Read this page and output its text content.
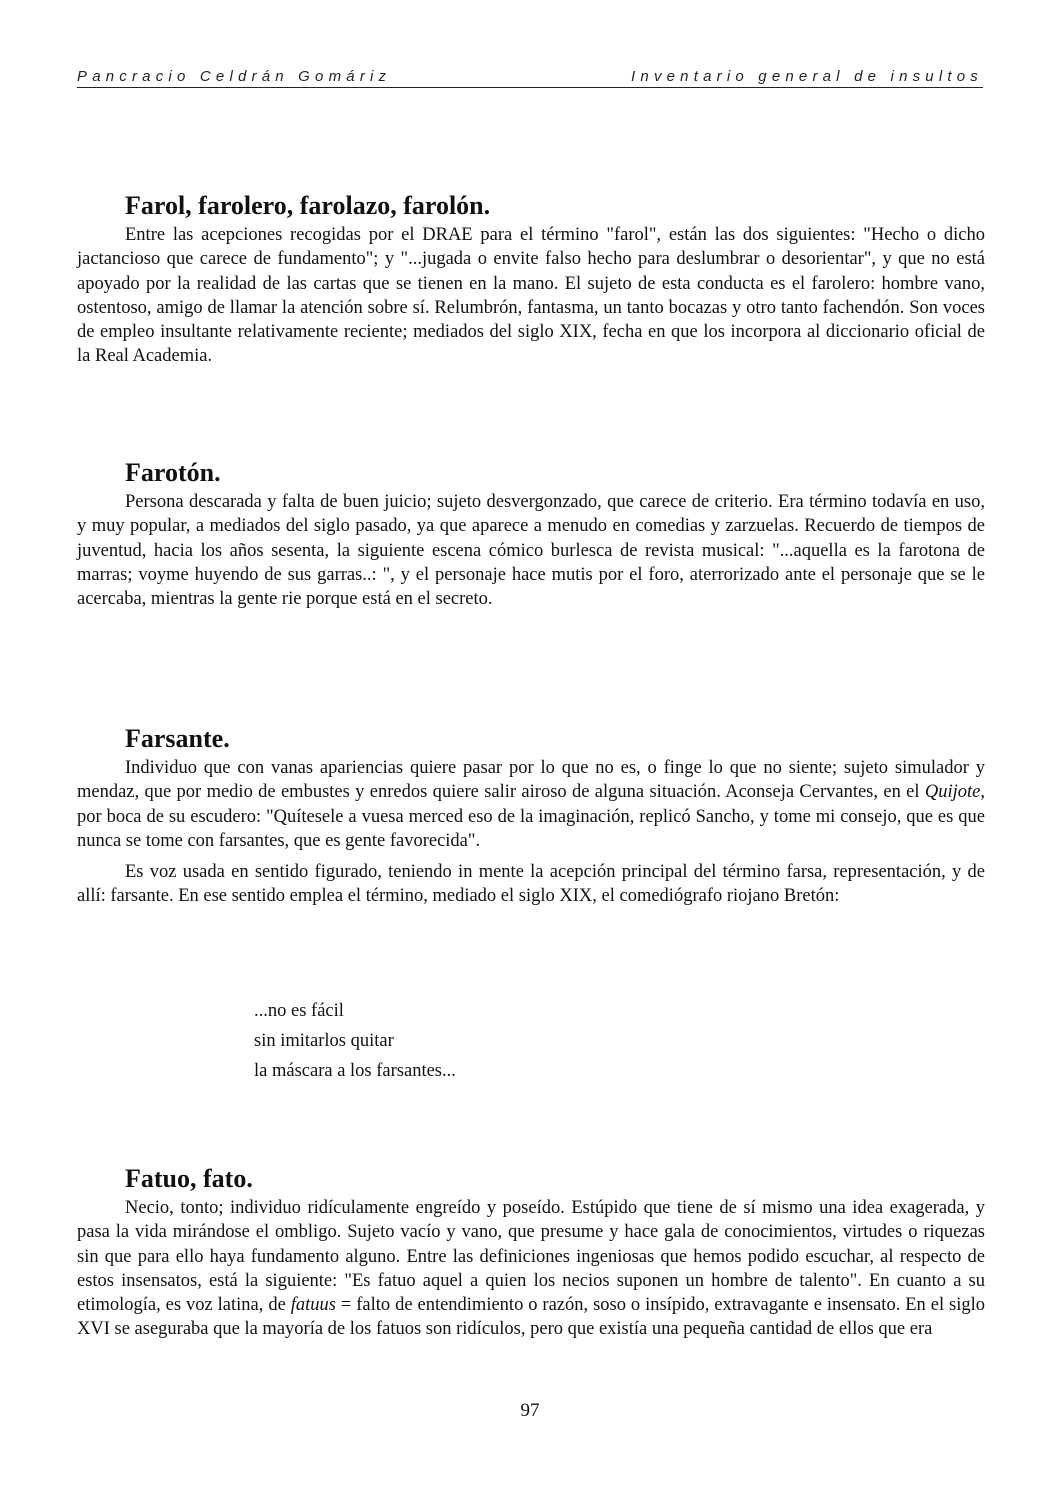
Pancracio Celdrán Gomáriz	Inventario general de insultos
Farol, farolero, farolazo, farolón.

Entre las acepciones recogidas por el DRAE para el término "farol", están las dos siguientes: "Hecho o dicho jactancioso que carece de fundamento"; y "...jugada o envite falso hecho para deslumbrar o desorientar", y que no está apoyado por la realidad de las cartas que se tienen en la mano. El sujeto de esta conducta es el farolero: hombre vano, ostentoso, amigo de llamar la atención sobre sí. Relumbrón, fantasma, un tanto bocazas y otro tanto fachendón. Son voces de empleo insultante relativamente reciente; mediados del siglo XIX, fecha en que los incorpora al diccionario oficial de la Real Academia.

Farotón.

Persona descarada y falta de buen juicio; sujeto desvergonzado, que carece de criterio. Era término todavía en uso, y muy popular, a mediados del siglo pasado, ya que aparece a menudo en comedias y zarzuelas. Recuerdo de tiempos de juventud, hacia los años sesenta, la siguiente escena cómico burlesca de revista musical: "...aquella es la farotona de marras; voyme huyendo de sus garras..: ", y el personaje hace mutis por el foro, aterrorizado ante el personaje que se le acercaba, mientras la gente rie porque está en el secreto.

Farsante.

Individuo que con vanas apariencias quiere pasar por lo que no es, o finge lo que no siente; sujeto simulador y mendaz, que por medio de embustes y enredos quiere salir airoso de alguna situación. Aconseja Cervantes, en el Quijote, por boca de su escudero: "Quítesele a vuesa merced eso de la imaginación, replicó Sancho, y tome mi consejo, que es que nunca se tome con farsantes, que es gente favorecida".

Es voz usada en sentido figurado, teniendo in mente la acepción principal del término farsa, representación, y de allí: farsante. En ese sentido emplea el término, mediado el siglo XIX, el comediógrafo riojano Bretón:

...no es fácil
sin imitarlos quitar
la máscara a los farsantes...
Fatuo, fato.

Necio, tonto; individuo ridículamente engreído y poseído. Estúpido que tiene de sí mismo una idea exagerada, y pasa la vida mirándose el ombligo. Sujeto vacío y vano, que presume y hace gala de conocimientos, virtudes o riquezas sin que para ello haya fundamento alguno. Entre las definiciones ingeniosas que hemos podido escuchar, al respecto de estos insensatos, está la siguiente: "Es fatuo aquel a quien los necios suponen un hombre de talento". En cuanto a su etimología, es voz latina, de fatuus = falto de entendimiento o razón, soso o insípido, extravagante e insensato. En el siglo XVI se aseguraba que la mayoría de los fatuos son ridículos, pero que existía una pequeña cantidad de ellos que era

97
